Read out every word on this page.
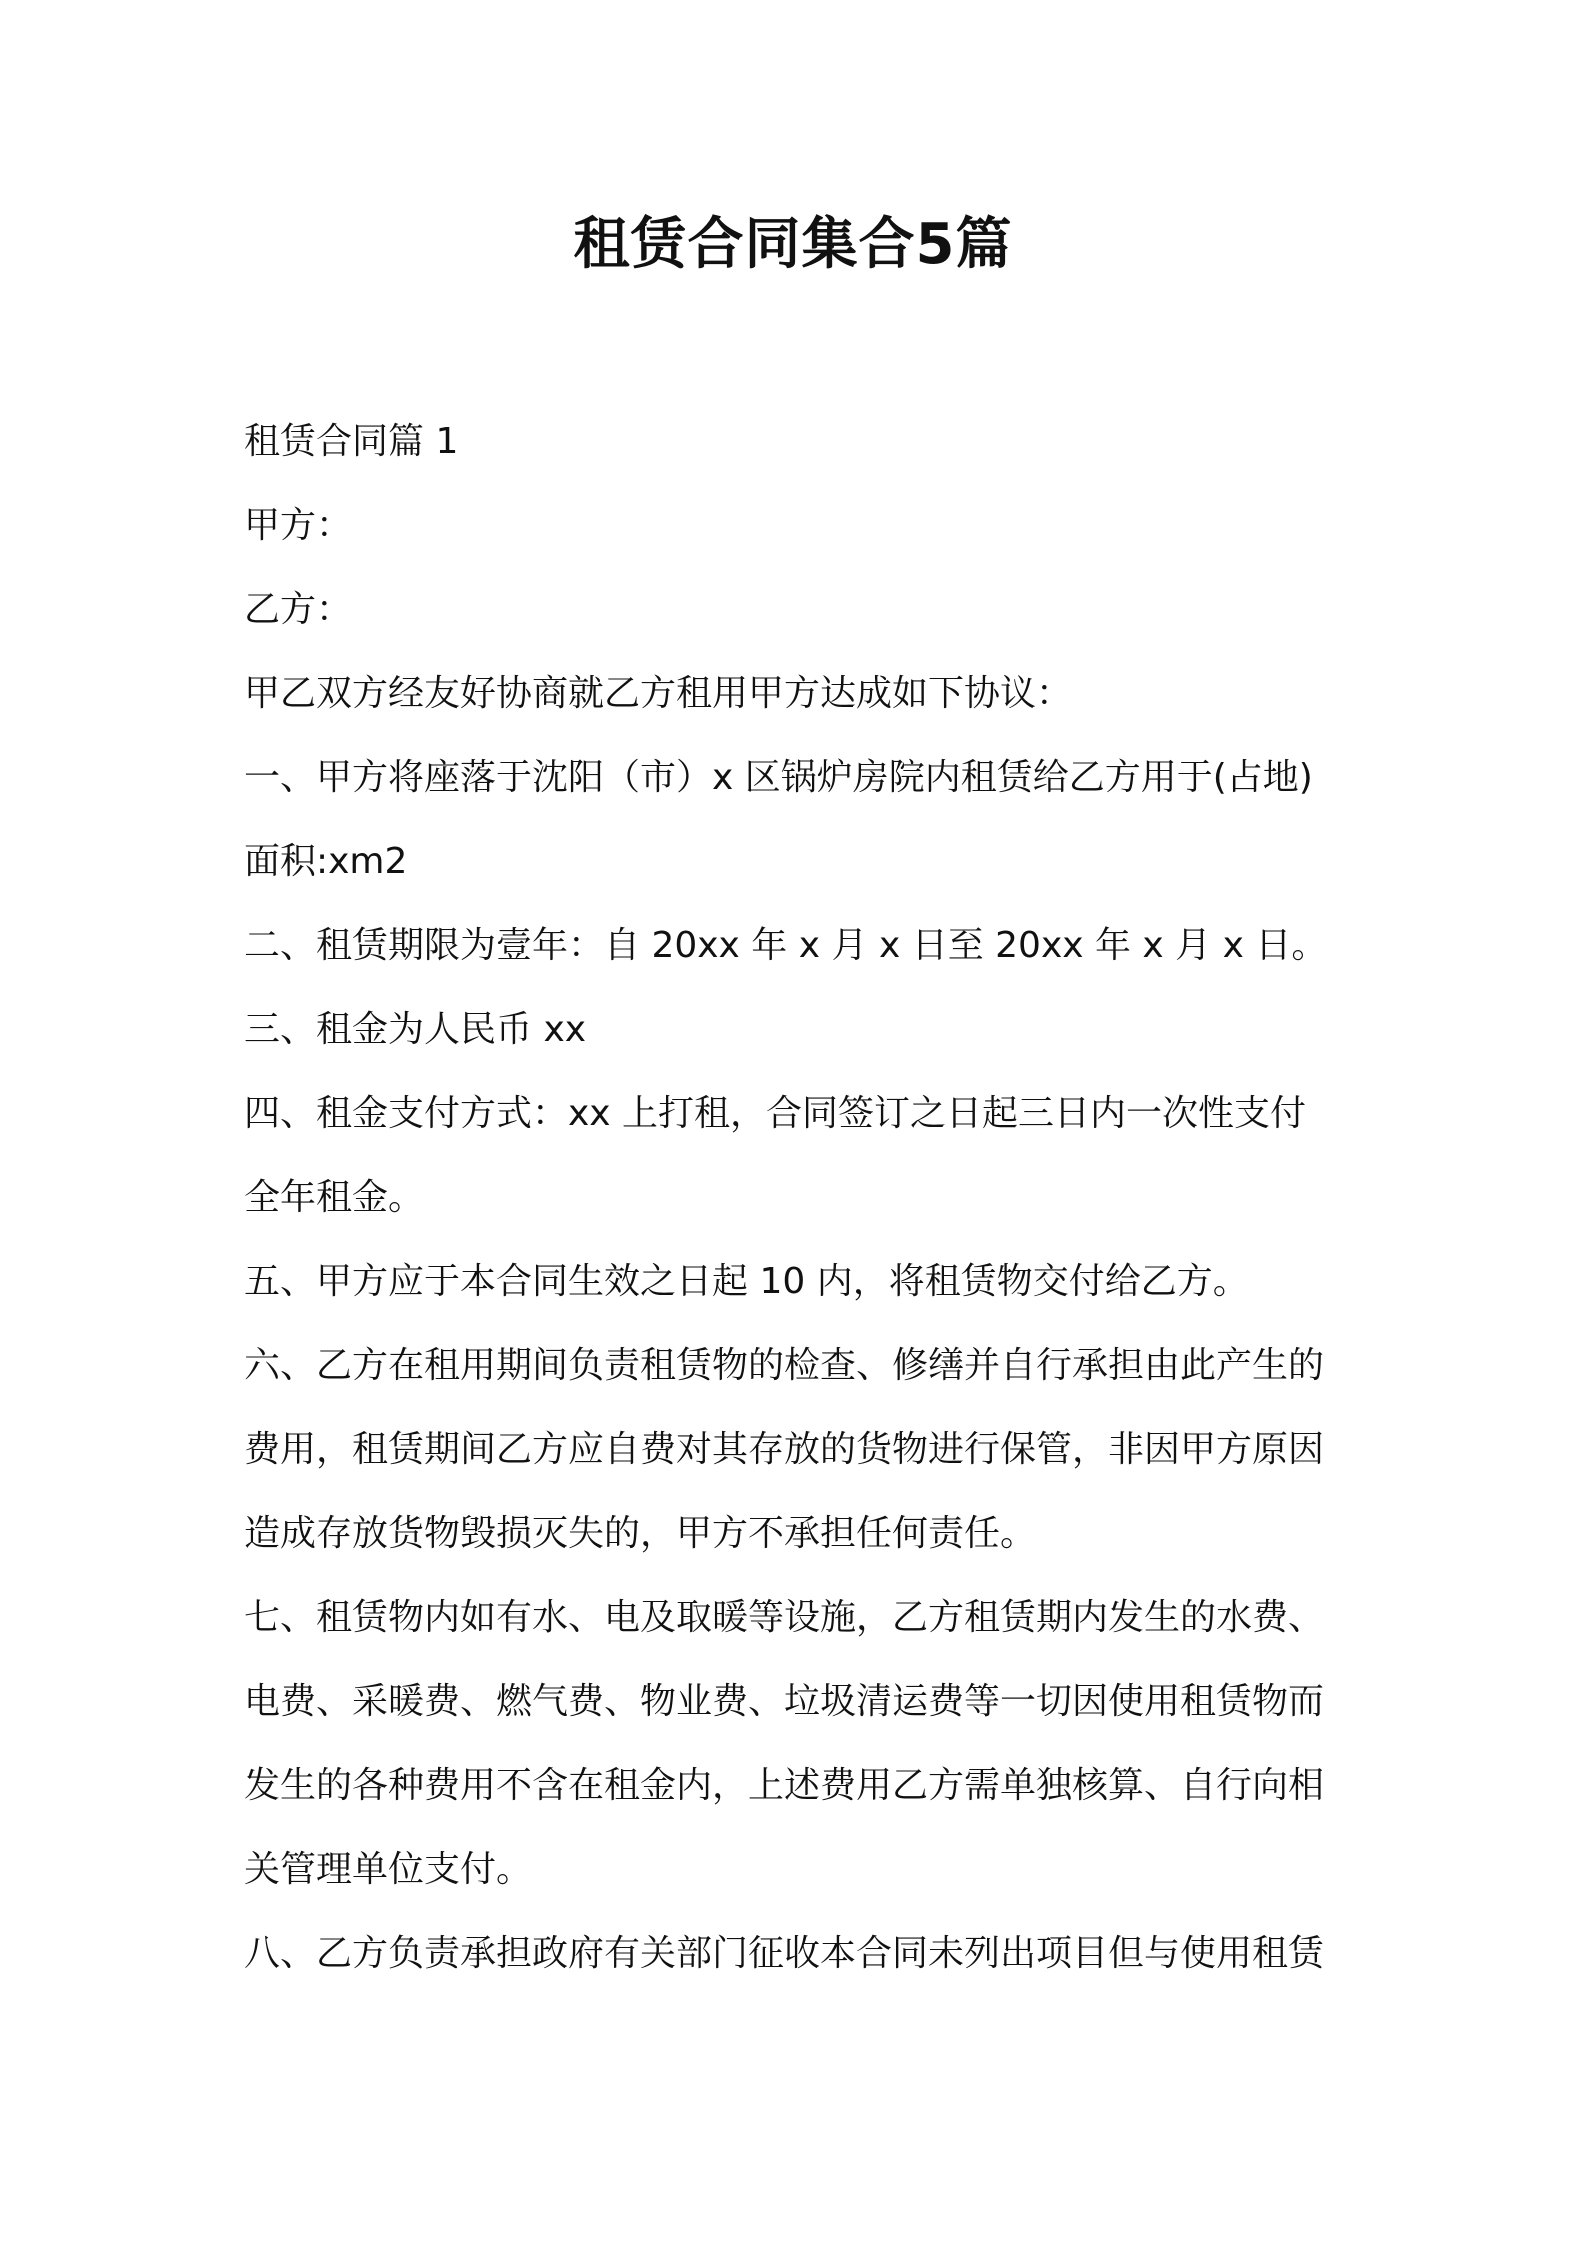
租赁合同集合5篇
租赁合同篇 1
甲方：
乙方：
甲乙双方经友好协商就乙方租用甲方达成如下协议：
一、甲方将座落于沈阳（市）x 区锅炉房院内租赁给乙方用于(占地)
面积:xm2
二、租赁期限为壹年：自 20xx 年 x 月 x 日至 20xx 年 x 月 x 日。
三、租金为人民币 xx
四、租金支付方式：xx 上打租，合同签订之日起三日内一次性支付
全年租金。
五、甲方应于本合同生效之日起 10 内，将租赁物交付给乙方。
六、乙方在租用期间负责租赁物的检查、修缮并自行承担由此产生的
费用，租赁期间乙方应自费对其存放的货物进行保管，非因甲方原因
造成存放货物毁损灭失的，甲方不承担任何责任。
七、租赁物内如有水、电及取暖等设施，乙方租赁期内发生的水费、
电费、采暖费、燃气费、物业费、垃圾清运费等一切因使用租赁物而
发生的各种费用不含在租金内，上述费用乙方需单独核算、自行向相
关管理单位支付。
八、乙方负责承担政府有关部门征收本合同未列出项目但与使用租赁
